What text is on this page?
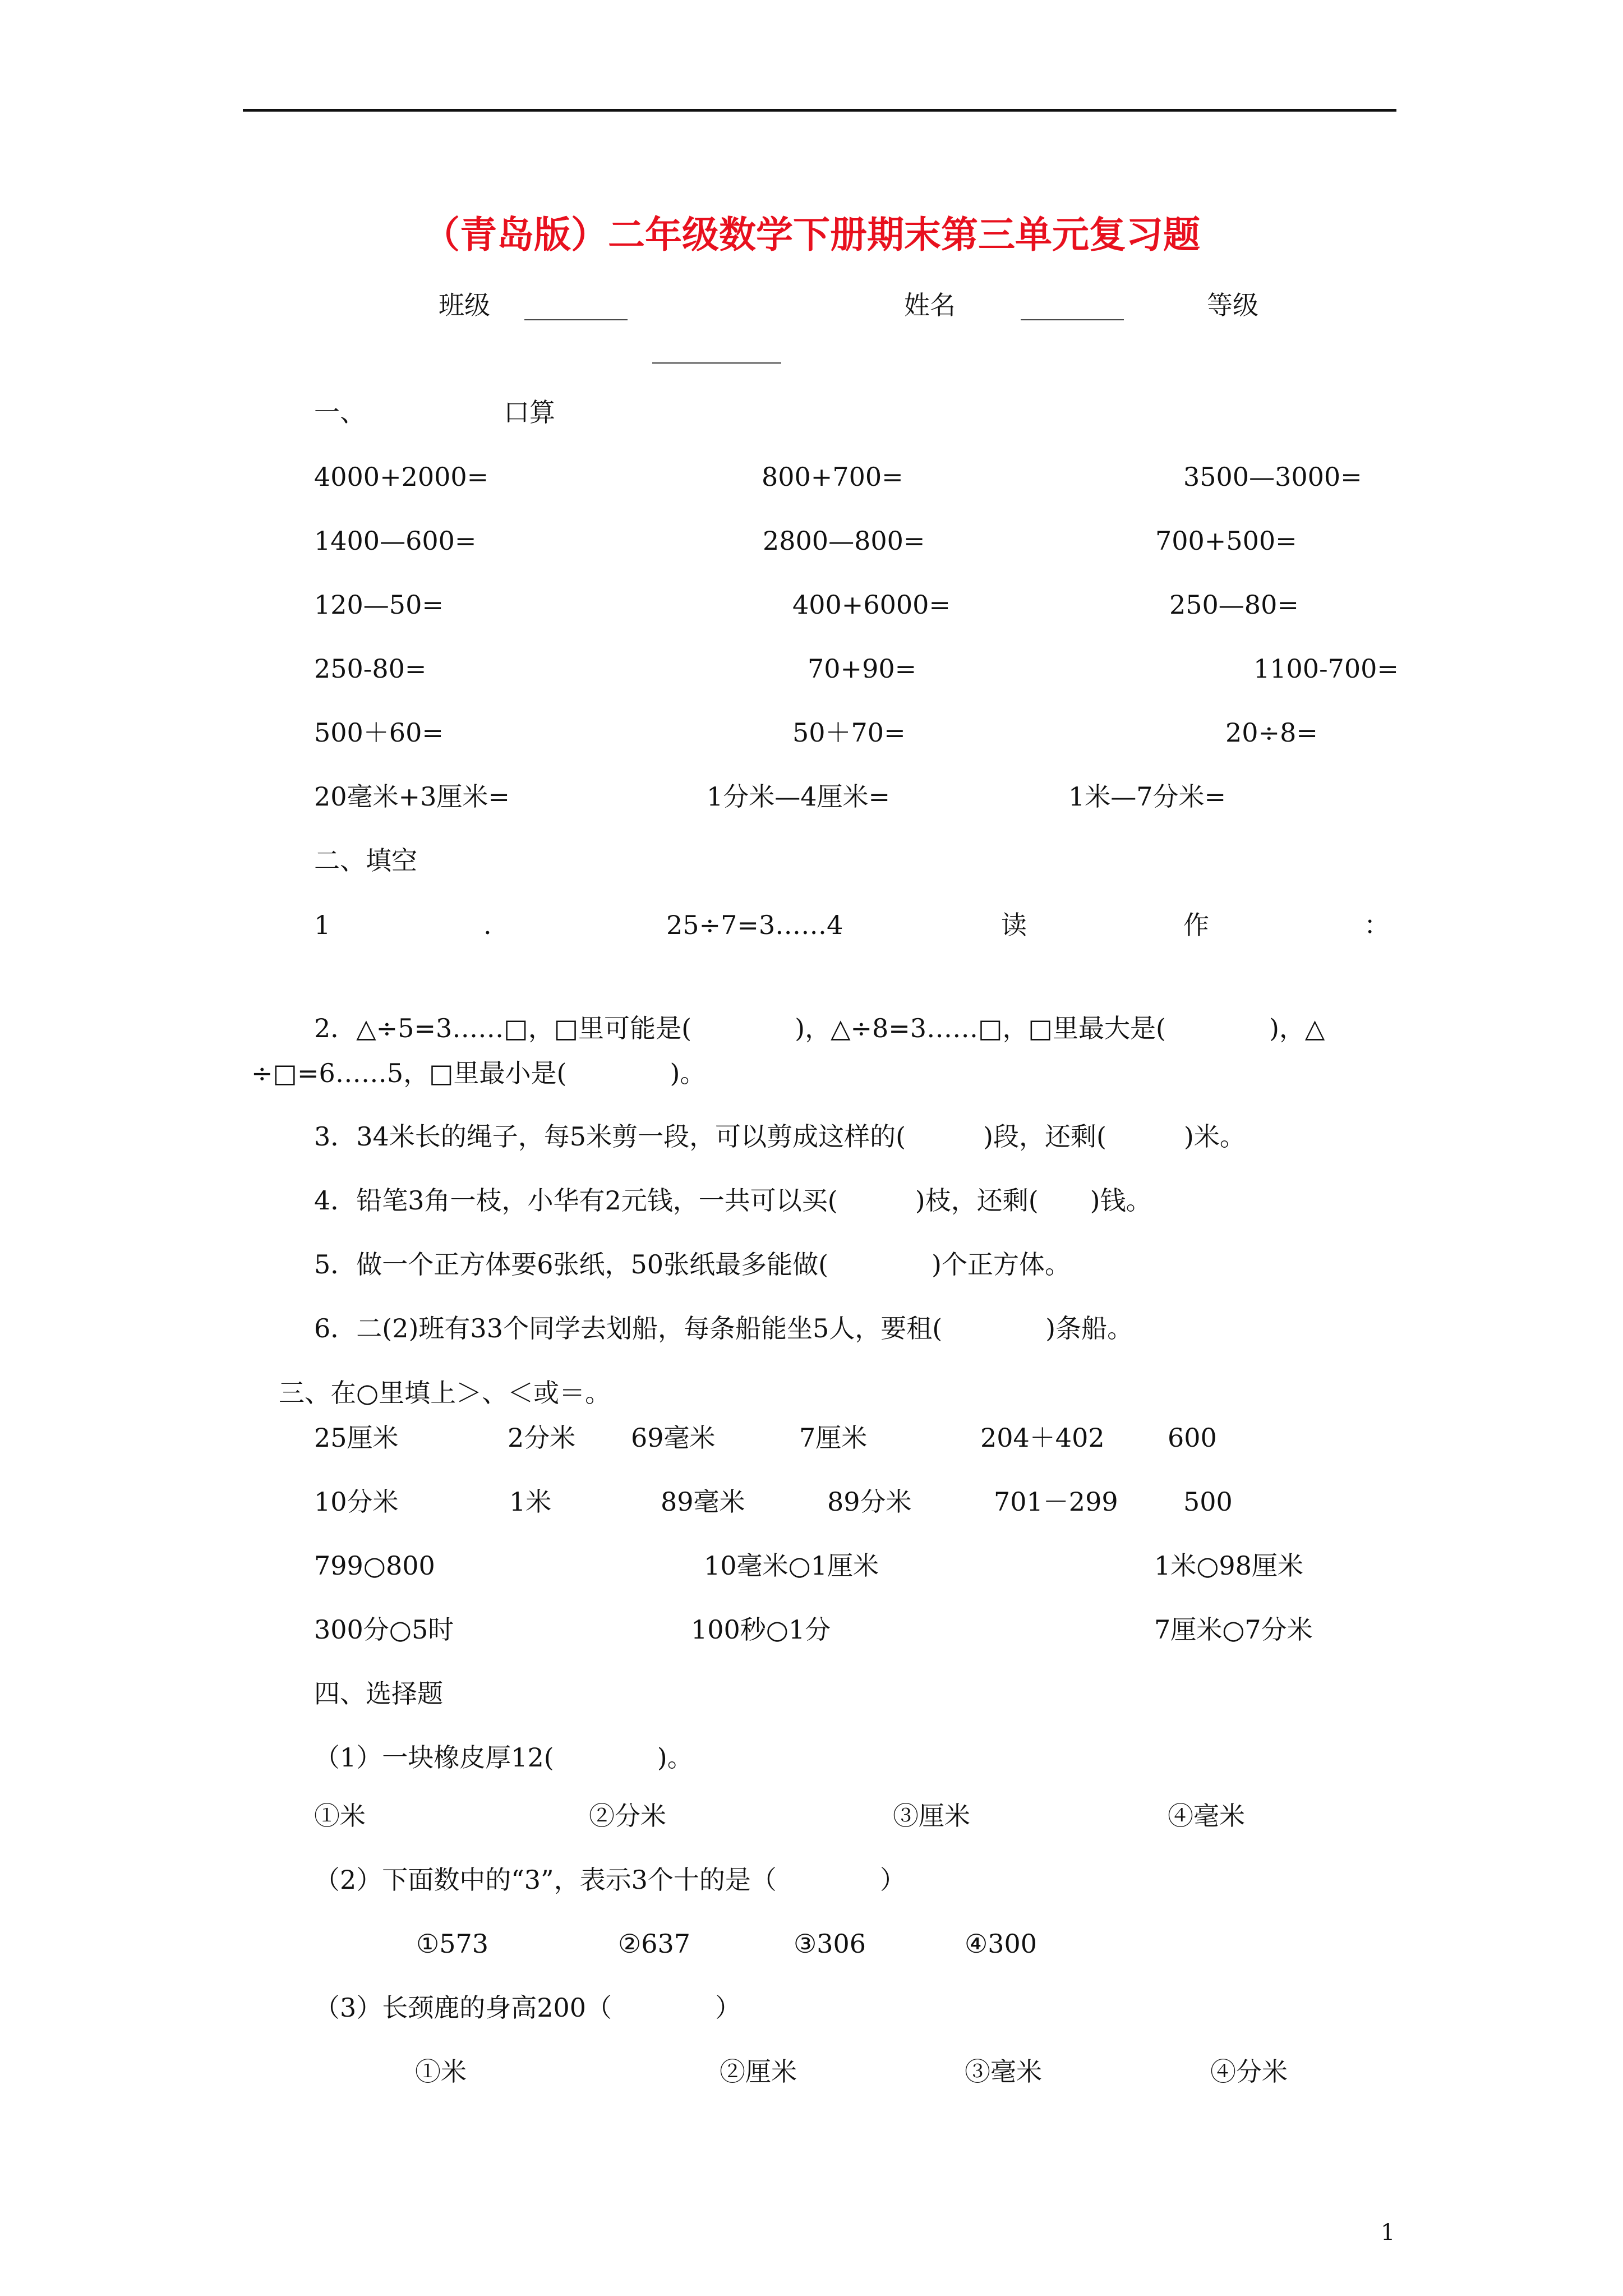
（青岛版）二年级数学下册期末第三单元复习题
班级 ________	姓名	________	等级
__________
一、	口算
4000+2000=	800+700=	3500—3000=
1400—600=	2800—800=	700+500=
120—50=	400+6000=	250—80=
250-80=	70+90=	1100-700=
500＋60=	50＋70=	20÷8=
20毫米+3厘米=	1分米—4厘米=	1米—7分米=
二、填空
1	.	25÷7=3……4	读	作	：
2．△÷5=3……□，□里可能是(　　　　)，△÷8=3……□，□里最大是(　　　　)，△
÷□=6……5，□里最小是(　　　　)。
3．34米长的绳子，每5米剪一段，可以剪成这样的(　　　)段，还剩(　　　)米。
4．铅笔3角一枝，小华有2元钱，一共可以买(　　　)枝，还剩(　　)钱。
5．做一个正方体要6张纸，50张纸最多能做(　　　　)个正方体。
6．二(2)班有33个同学去划船，每条船能坐5人，要租(　　　　)条船。
三、在○里填上＞、＜或＝。
25厘米	2分米 69毫米	7厘米	204＋402 600
10分米	1米	89毫米	89分米	701－299	500
799○800	10毫米○1厘米	1米○98厘米
300分○5时	100秒○1分	7厘米○7分米
四、选择题
（1）一块橡皮厚12(　　　　)。
①米	②分米	③厘米	④毫米
（2）下面数中的“3”，表示3个十的是（　　　　）
①573	②637	③306	④300
（3）长颈鹿的身高200（　　　　）
①米	②厘米	③毫米	④分米
1
